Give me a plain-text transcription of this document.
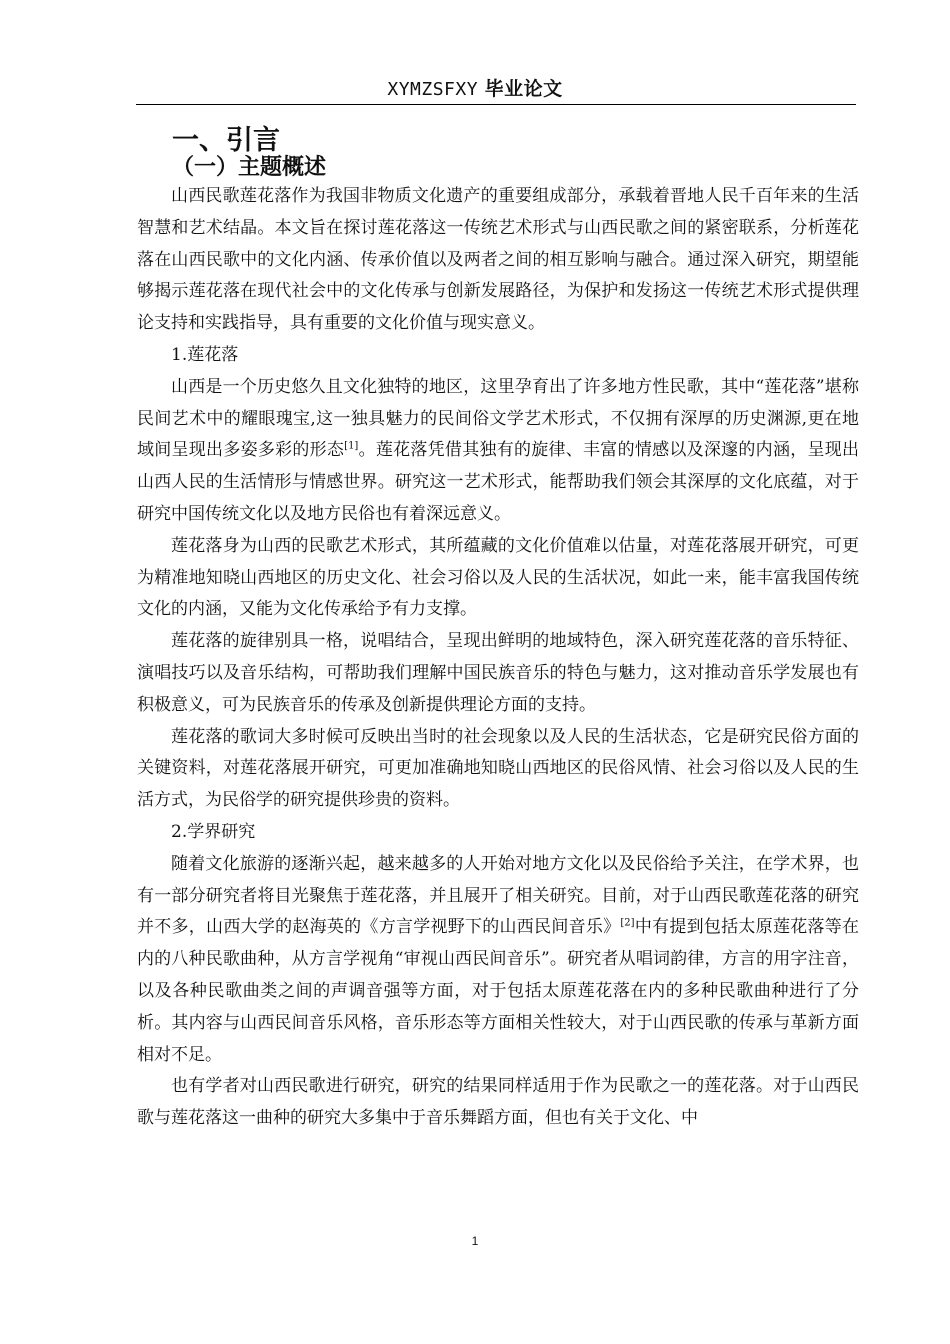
XYMZSFXY 毕业论文
一、引言
（一）主题概述

山西民歌莲花落作为我国非物质文化遗产的重要组成部分，承载着晋地人民千百年来的生活智慧和艺术结晶。本文旨在探讨莲花落这一传统艺术形式与山西民歌之间的紧密联系，分析莲花落在山西民歌中的文化内涵、传承价值以及两者之间的相互影响与融合。通过深入研究，期望能够揭示莲花落在现代社会中的文化传承与创新发展路径，为保护和发扬这一传统艺术形式提供理论支持和实践指导，具有重要的文化价值与现实意义。

1.莲花落

山西是一个历史悠久且文化独特的地区，这里孕育出了许多地方性民歌，其中“莲花落”堪称民间艺术中的耀眼瑰宝,这一独具魅力的民间俗文学艺术形式，不仅拥有深厚的历史渊源,更在地域间呈现出多姿多彩的形态[1]。莲花落凭借其独有的旋律、丰富的情感以及深邃的内涵，呈现出山西人民的生活情形与情感世界。研究这一艺术形式，能帮助我们领会其深厚的文化底蕴，对于研究中国传统文化以及地方民俗也有着深远意义。

莲花落身为山西的民歌艺术形式，其所蕴藏的文化价值难以估量，对莲花落展开研究，可更为精准地知晓山西地区的历史文化、社会习俗以及人民的生活状况，如此一来，能丰富我国传统文化的内涵，又能为文化传承给予有力支撑。

莲花落的旋律别具一格，说唱结合，呈现出鲜明的地域特色，深入研究莲花落的音乐特征、演唱技巧以及音乐结构，可帮助我们理解中国民族音乐的特色与魅力，这对推动音乐学发展也有积极意义，可为民族音乐的传承及创新提供理论方面的支持。

莲花落的歌词大多时候可反映出当时的社会现象以及人民的生活状态，它是研究民俗方面的关键资料，对莲花落展开研究，可更加准确地知晓山西地区的民俗风情、社会习俗以及人民的生活方式，为民俗学的研究提供珍贵的资料。

2.学界研究

随着文化旅游的逐渐兴起，越来越多的人开始对地方文化以及民俗给予关注，在学术界，也有一部分研究者将目光聚焦于莲花落，并且展开了相关研究。目前，对于山西民歌莲花落的研究并不多，山西大学的赵海英的《方言学视野下的山西民间音乐》[2]中有提到包括太原莲花落等在内的八种民歌曲种，从方言学视角“审视山西民间音乐”。研究者从唱词韵律，方言的用字注音，以及各种民歌曲类之间的声调音强等方面，对于包括太原莲花落在内的多种民歌曲种进行了分析。其内容与山西民间音乐风格，音乐形态等方面相关性较大，对于山西民歌的传承与革新方面相对不足。

也有学者对山西民歌进行研究，研究的结果同样适用于作为民歌之一的莲花落。对于山西民歌与莲花落这一曲种的研究大多集中于音乐舞蹈方面，但也有关于文化、中

1
